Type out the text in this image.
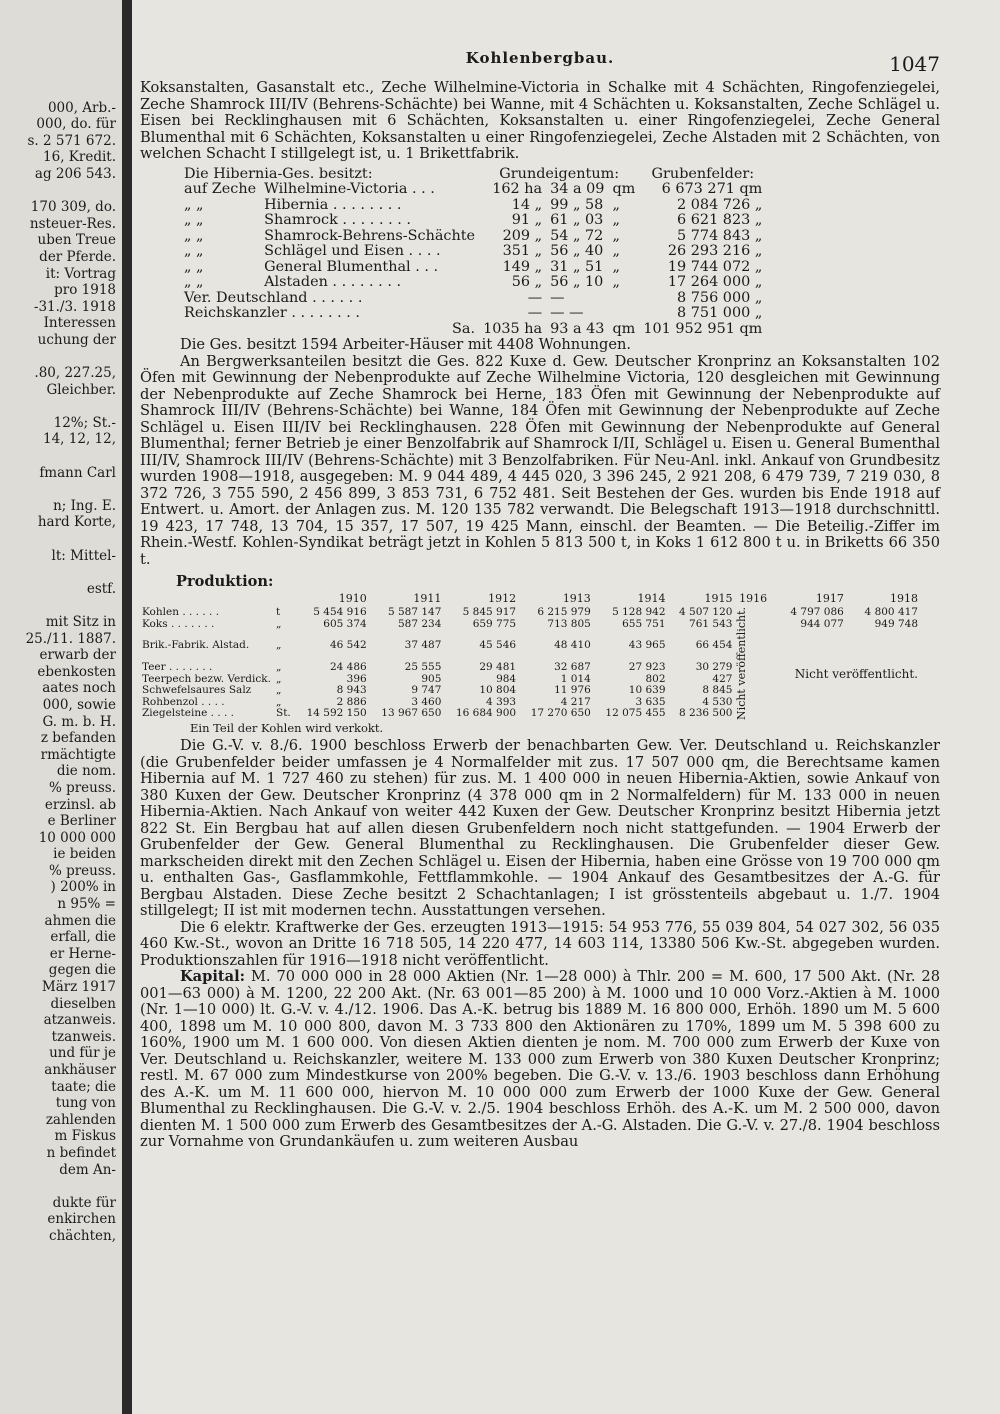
000, Arb.-
000, do. für
s. 2 571 672.
16, Kredit.
ag 206 543.
170 309, do.
nsteuer-Res.
uben Treue
der Pferde.
it: Vortrag
pro 1918
-31./3. 1918
Interessen
uchung der
.80, 227.25,
Gleichber.
12%; St.-
14, 12, 12,
fmann Carl
n; Ing. E.
hard Korte,
lt: Mittel-
estf.
mit Sitz in
25./11. 1887.
erwarb der
ebenkosten
aates noch
000, sowie
G. m. b. H.
z befanden
rmächtigte
die nom.
% preuss.
erzinsl. ab
e Berliner
10 000 000
ie beiden
% preuss.
) 200% in
n 95% =
ahmen die
erfall, die
er Herne-
gegen die
März 1917
dieselben
atzanweis.
tzanweis.
und für je
ankhäuser
taate; die
tung von
zahlenden
m Fiskus
n befindet
dem An-
dukte für
enkirchen
chächten,
Kohlenbergbau.	1047

Koksanstalten, Gasanstalt etc., Zeche Wilhelmine-Victoria in Schalke mit 4 Schächten, Ringofenziegelei, Zeche Shamrock III/IV (Behrens-Schächte) bei Wanne, mit 4 Schächten u. Koksanstalten, Zeche Schlägel u. Eisen bei Recklinghausen mit 6 Schächten, Koksanstalten u. einer Ringofenziegelei, Zeche General Blumenthal mit 6 Schächten, Koksanstalten u einer Ringofenziegelei, Zeche Alstaden mit 2 Schächten, von welchen Schacht I stillgelegt ist, u. 1 Brikettfabrik.

Die Hibernia-Ges. besitzt:		Grundeigentum:			Grubenfelder:
auf Zeche	Wilhelmine-Victoria . . .	162 ha	34 a 09	qm	6 673 271 qm
„ „	Hibernia . . . . . . . .	14 „	99 „ 58	„	2 084 726 „
„ „	Shamrock . . . . . . . .	91 „	61 „ 03	„	6 621 823 „
„ „	Shamrock-Behrens-Schächte	209 „	54 „ 72	„	5 774 843 „
„ „	Schlägel und Eisen . . . .	351 „	56 „ 40	„	26 293 216 „
„ „	General Blumenthal . . .	149 „	31 „ 51	„	19 744 072 „
„ „	Alstaden . . . . . . . .	56 „	56 „ 10	„	17 264 000 „
Ver. Deutschland . . . . . .		—	—		8 756 000 „
Reichskanzler . . . . . . . .		—	— —		8 751 000 „
	Sa.	1035 ha	93 a 43	qm	101 952 951 qm

Die Ges. besitzt 1594 Arbeiter-Häuser mit 4408 Wohnungen.

An Bergwerksanteilen besitzt die Ges. 822 Kuxe d. Gew. Deutscher Kronprinz an Koksanstalten 102 Öfen mit Gewinnung der Nebenprodukte auf Zeche Wilhelmine Victoria, 120 desgleichen mit Gewinnung der Nebenprodukte auf Zeche Shamrock bei Herne, 183 Öfen mit Gewinnung der Nebenprodukte auf Shamrock III/IV (Behrens-Schächte) bei Wanne, 184 Öfen mit Gewinnung der Nebenprodukte auf Zeche Schlägel u. Eisen III/IV bei Recklinghausen. 228 Öfen mit Gewinnung der Nebenprodukte auf General Blumenthal; ferner Betrieb je einer Benzolfabrik auf Shamrock I/II, Schlägel u. Eisen u. General Bumenthal III/IV, Shamrock III/IV (Behrens-Schächte) mit 3 Benzolfabriken. Für Neu-Anl. inkl. Ankauf von Grundbesitz wurden 1908—1918, ausgegeben: M. 9 044 489, 4 445 020, 3 396 245, 2 921 208, 6 479 739, 7 219 030, 8 372 726, 3 755 590, 2 456 899, 3 853 731, 6 752 481. Seit Bestehen der Ges. wurden bis Ende 1918 auf Entwert. u. Amort. der Anlagen zus. M. 120 135 782 verwandt. Die Belegschaft 1913—1918 durchschnittl. 19 423, 17 748, 13 704, 15 357, 17 507, 19 425 Mann, einschl. der Beamten. — Die Beteilig.-Ziffer im Rhein.-Westf. Kohlen-Syndikat beträgt jetzt in Kohlen 5 813 500 t, in Koks 1 612 800 t u. in Briketts 66 350 t.

Produktion:
		1910	1911	1912	1913	1914	1915	1916	1917	1918
Kohlen . . . . . .	t	5 454 916	5 587 147	5 845 917	6 215 979	5 128 942	4 507 120	Nicht veröffentlicht.	4 797 086	4 800 417
Koks . . . . . . .	„	605 374	587 234	659 775	713 805	655 751	761 543		944 077	949 748
Brik.-Fabrik. Alstad.	„	46 542	37 487	45 546	48 410	43 965	66 454		Nicht veröffentlicht.	
Teer . . . . . . .	„	24 486	25 555	29 481	32 687	27 923	30 279			
Teerpech bezw. Verdick.	„	396	905	984	1 014	802	427			
Schwefelsaures Salz	„	8 943	9 747	10 804	11 976	10 639	8 845			
Rohbenzol . . . .	„	2 886	3 460	4 393	4 217	3 635	4 530			
Ziegelsteine . . . .	St.	14 592 150	13 967 650	16 684 900	17 270 650	12 075 455	8 236 500			
Ein Teil der Kohlen wird verkokt.

Die G.-V. v. 8./6. 1900 beschloss Erwerb der benachbarten Gew. Ver. Deutschland u. Reichskanzler (die Grubenfelder beider umfassen je 4 Normalfelder mit zus. 17 507 000 qm, die Berechtsame kamen Hibernia auf M. 1 727 460 zu stehen) für zus. M. 1 400 000 in neuen Hibernia-Aktien, sowie Ankauf von 380 Kuxen der Gew. Deutscher Kronprinz (4 378 000 qm in 2 Normalfeldern) für M. 133 000 in neuen Hibernia-Aktien. Nach Ankauf von weiter 442 Kuxen der Gew. Deutscher Kronprinz besitzt Hibernia jetzt 822 St. Ein Bergbau hat auf allen diesen Grubenfeldern noch nicht stattgefunden. — 1904 Erwerb der Grubenfelder der Gew. General Blumenthal zu Recklinghausen. Die Grubenfelder dieser Gew. markscheiden direkt mit den Zechen Schlägel u. Eisen der Hibernia, haben eine Grösse von 19 700 000 qm u. enthalten Gas-, Gasflammkohle, Fettflammkohle. — 1904 Ankauf des Gesamtbesitzes der A.-G. für Bergbau Alstaden. Diese Zeche besitzt 2 Schachtanlagen; I ist grösstenteils abgebaut u. 1./7. 1904 stillgelegt; II ist mit modernen techn. Ausstattungen versehen.

Die 6 elektr. Kraftwerke der Ges. erzeugten 1913—1915: 54 953 776, 55 039 804, 54 027 302, 56 035 460 Kw.-St., wovon an Dritte 16 718 505, 14 220 477, 14 603 114, 13380 506 Kw.-St. abgegeben wurden. Produktionszahlen für 1916—1918 nicht veröffentlicht.

Kapital: M. 70 000 000 in 28 000 Aktien (Nr. 1—28 000) à Thlr. 200 = M. 600, 17 500 Akt. (Nr. 28 001—63 000) à M. 1200, 22 200 Akt. (Nr. 63 001—85 200) à M. 1000 und 10 000 Vorz.-Aktien à M. 1000 (Nr. 1—10 000) lt. G.-V. v. 4./12. 1906. Das A.-K. betrug bis 1889 M. 16 800 000, Erhöh. 1890 um M. 5 600 400, 1898 um M. 10 000 800, davon M. 3 733 800 den Aktionären zu 170%, 1899 um M. 5 398 600 zu 160%, 1900 um M. 1 600 000. Von diesen Aktien dienten je nom. M. 700 000 zum Erwerb der Kuxe von Ver. Deutschland u. Reichskanzler, weitere M. 133 000 zum Erwerb von 380 Kuxen Deutscher Kronprinz; restl. M. 67 000 zum Mindestkurse von 200% begeben. Die G.-V. v. 13./6. 1903 beschloss dann Erhöhung des A.-K. um M. 11 600 000, hiervon M. 10 000 000 zum Erwerb der 1000 Kuxe der Gew. General Blumenthal zu Recklinghausen. Die G.-V. v. 2./5. 1904 beschloss Erhöh. des A.-K. um M. 2 500 000, davon dienten M. 1 500 000 zum Erwerb des Gesamtbesitzes der A.-G. Alstaden. Die G.-V. v. 27./8. 1904 beschloss zur Vornahme von Grundankäufen u. zum weiteren Ausbau
